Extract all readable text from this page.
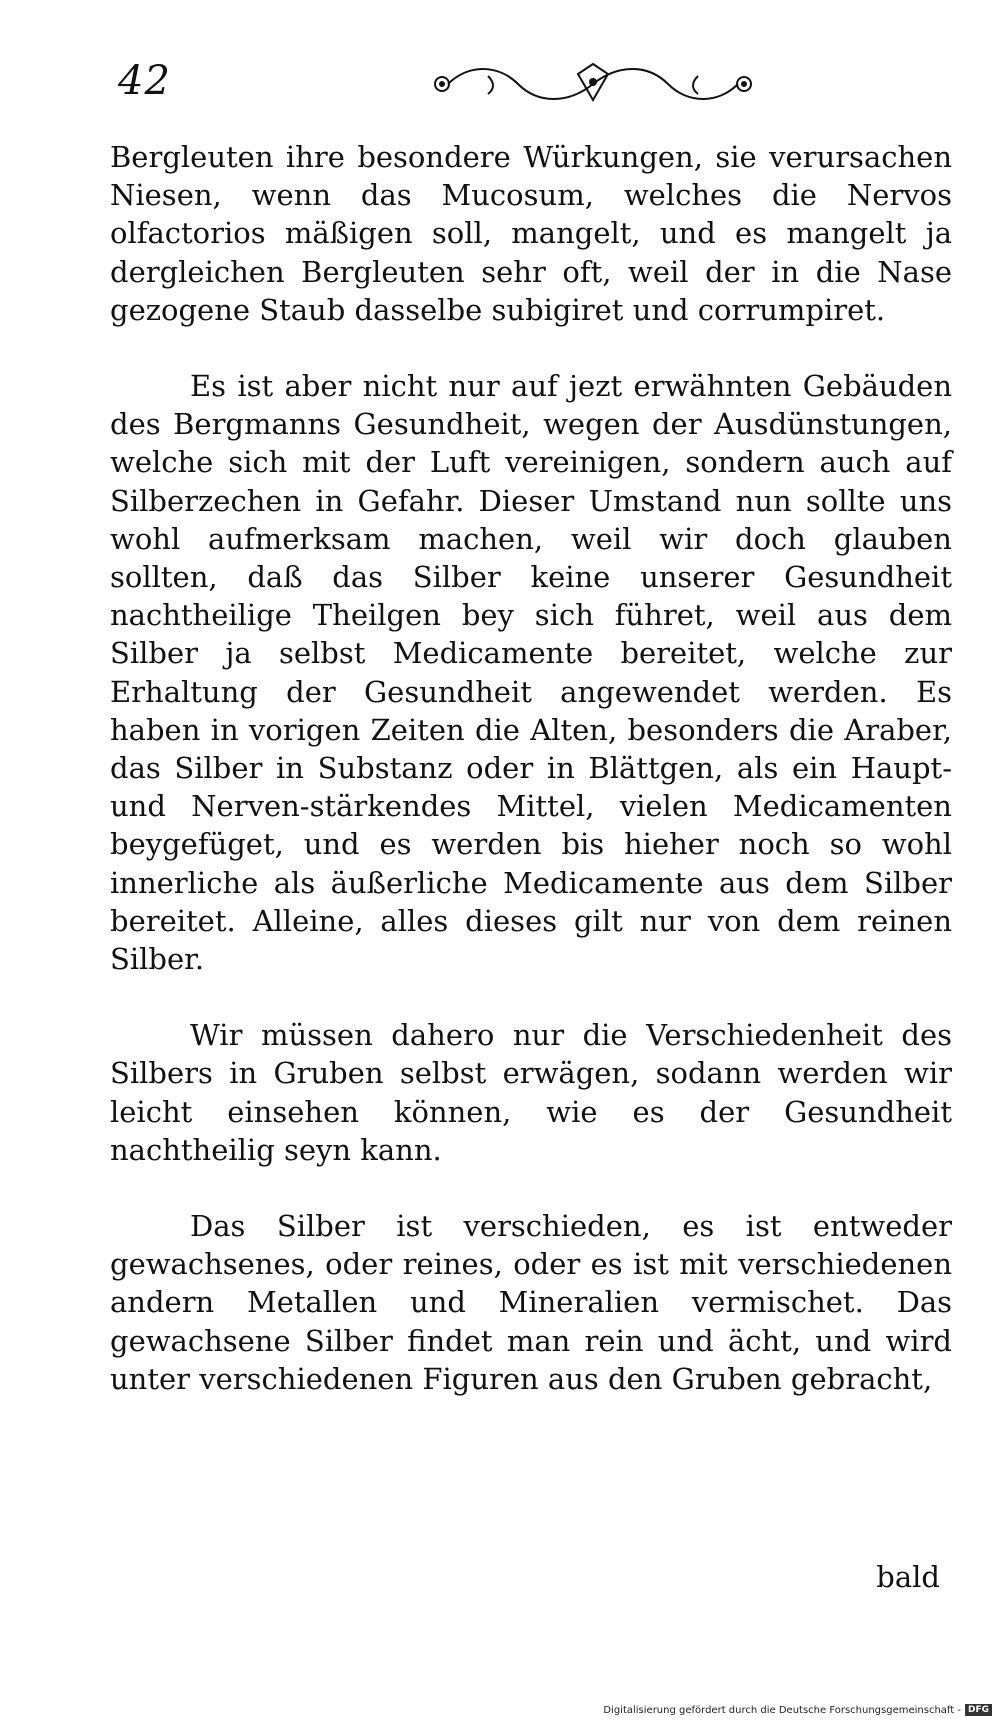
42

Bergleuten ihre besondere Würkungen, sie verursachen Niesen, wenn das Mucosum, welches die Nervos olfactorios mäßigen soll, mangelt, und es mangelt ja dergleichen Bergleuten sehr oft, weil der in die Nase gezogene Staub dasselbe subigiret und corrumpiret.

Es ist aber nicht nur auf jezt erwähnten Gebäuden des Bergmanns Gesundheit, wegen der Ausdünstungen, welche sich mit der Luft vereinigen, sondern auch auf Silberzechen in Gefahr. Dieser Umstand nun sollte uns wohl aufmerksam machen, weil wir doch glauben sollten, daß das Silber keine unserer Gesundheit nachtheilige Theilgen bey sich führet, weil aus dem Silber ja selbst Medicamente bereitet, welche zur Erhaltung der Gesundheit angewendet werden. Es haben in vorigen Zeiten die Alten, besonders die Araber, das Silber in Substanz oder in Blättgen, als ein Haupt- und Nerven-stärkendes Mittel, vielen Medicamenten beygefüget, und es werden bis hieher noch so wohl innerliche als äußerliche Medicamente aus dem Silber bereitet. Alleine, alles dieses gilt nur von dem reinen Silber.

Wir müssen dahero nur die Verschiedenheit des Silbers in Gruben selbst erwägen, sodann werden wir leicht einsehen können, wie es der Gesundheit nachtheilig seyn kann.

Das Silber ist verschieden, es ist entweder gewachsenes, oder reines, oder es ist mit verschiedenen andern Metallen und Mineralien vermischet. Das gewachsene Silber findet man rein und ächt, und wird unter verschiedenen Figuren aus den Gruben gebracht,

bald
Digitalisierung gefördert durch die Deutsche Forschungsgemeinschaft - DFG
